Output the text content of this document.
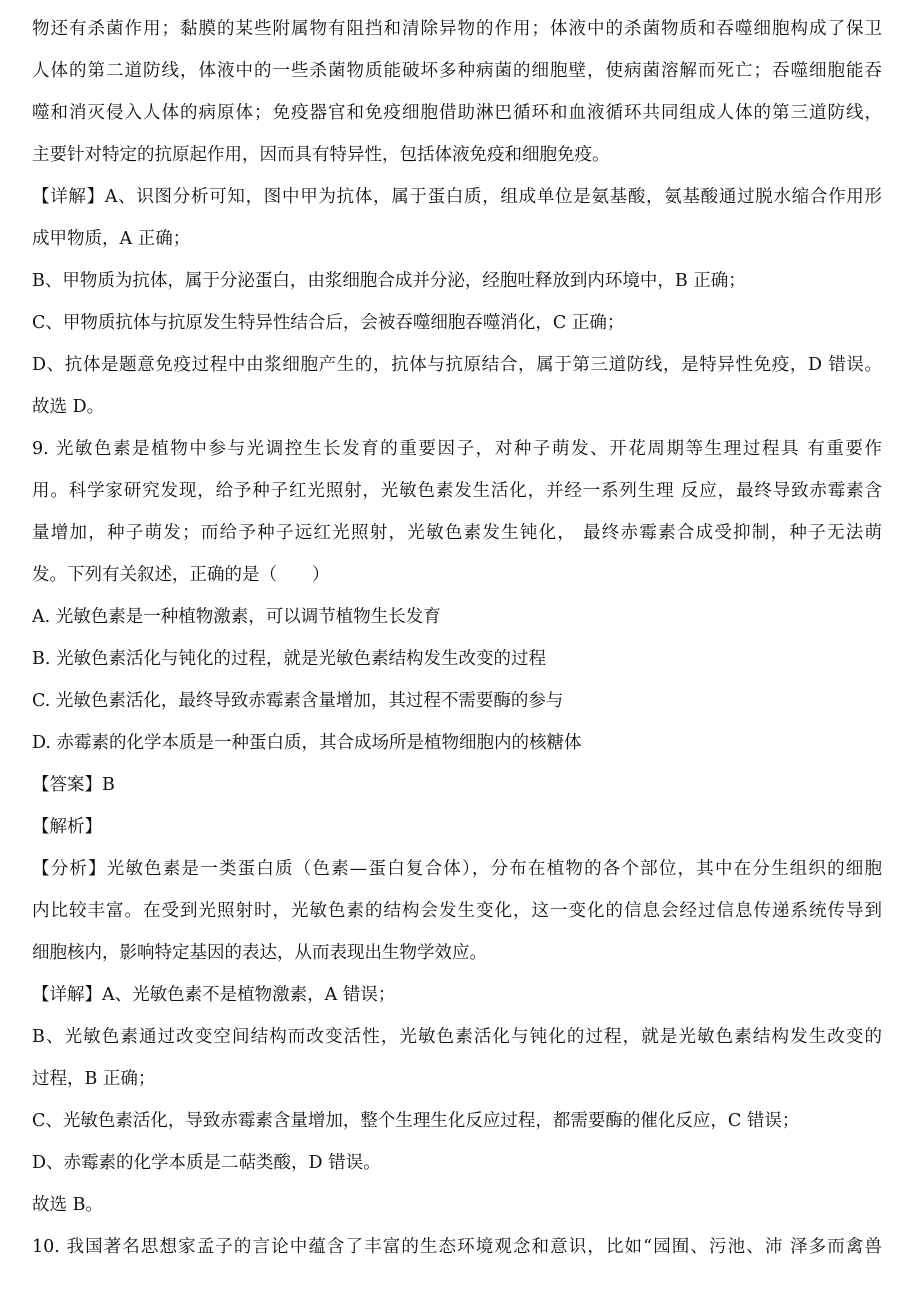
物还有杀菌作用；黏膜的某些附属物有阻挡和清除异物的作用；体液中的杀菌物质和吞噬细胞构成了保卫
人体的第二道防线，体液中的一些杀菌物质能破坏多种病菌的细胞壁，使病菌溶解而死亡；吞噬细胞能吞
噬和消灭侵入人体的病原体；免疫器官和免疫细胞借助淋巴循环和血液循环共同组成人体的第三道防线，
主要针对特定的抗原起作用，因而具有特异性，包括体液免疫和细胞免疫。
【详解】A、识图分析可知，图中甲为抗体，属于蛋白质，组成单位是氨基酸，氨基酸通过脱水缩合作用形
成甲物质，A 正确；
B、甲物质为抗体，属于分泌蛋白，由浆细胞合成并分泌，经胞吐释放到内环境中，B 正确；
C、甲物质抗体与抗原发生特异性结合后，会被吞噬细胞吞噬消化，C 正确；
D、抗体是题意免疫过程中由浆细胞产生的，抗体与抗原结合，属于第三道防线，是特异性免疫，D 错误。
故选 D。
9. 光敏色素是植物中参与光调控生长发育的重要因子，对种子萌发、开花周期等生理过程具 有重要作
用。科学家研究发现，给予种子红光照射，光敏色素发生活化，并经一系列生理 反应，最终导致赤霉素含
量增加，种子萌发；而给予种子远红光照射，光敏色素发生钝化， 最终赤霉素合成受抑制，种子无法萌
发。下列有关叙述，正确的是（　　）
A. 光敏色素是一种植物激素，可以调节植物生长发育
B. 光敏色素活化与钝化的过程，就是光敏色素结构发生改变的过程
C. 光敏色素活化，最终导致赤霉素含量增加，其过程不需要酶的参与
D. 赤霉素的化学本质是一种蛋白质，其合成场所是植物细胞内的核糖体
【答案】B
【解析】
【分析】光敏色素是一类蛋白质（色素—蛋白复合体），分布在植物的各个部位，其中在分生组织的细胞
内比较丰富。在受到光照射时，光敏色素的结构会发生变化，这一变化的信息会经过信息传递系统传导到
细胞核内，影响特定基因的表达，从而表现出生物学效应。
【详解】A、光敏色素不是植物激素，A 错误；
B、光敏色素通过改变空间结构而改变活性，光敏色素活化与钝化的过程，就是光敏色素结构发生改变的
过程，B 正确；
C、光敏色素活化，导致赤霉素含量增加，整个生理生化反应过程，都需要酶的催化反应，C 错误；
D、赤霉素的化学本质是二萜类酸，D 错误。
故选 B。
10. 我国著名思想家孟子的言论中蕴含了丰富的生态环境观念和意识，比如“园囿、污池、沛 泽多而禽兽
